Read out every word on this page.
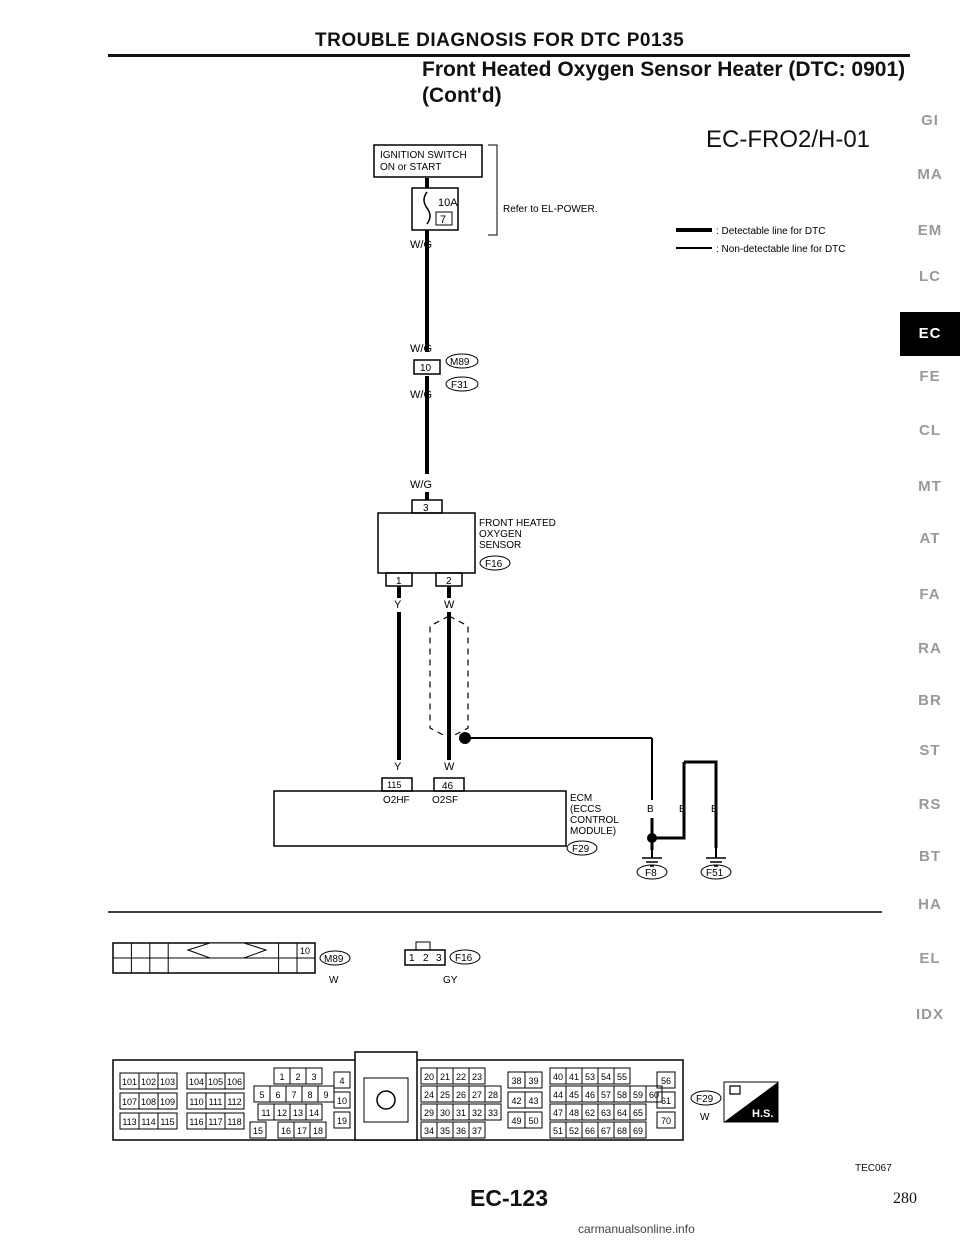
TROUBLE DIAGNOSIS FOR DTC P0135
Front Heated Oxygen Sensor Heater (DTC: 0901)
(Cont'd)
EC-FRO2/H-01
GI
MA
EM
LC
EC
FE
CL
MT
AT
FA
RA
BR
ST
RS
BT
HA
EL
IDX
: Detectable line for DTC
: Non-detectable line for DTC
IGNITION SWITCH
ON or START
Refer to EL-POWER.
10A
7
W/G
W/G
10
M89
F31
W/G
W/G
3
FRONT HEATED
OXYGEN
SENSOR
F16
1	2
Y	W
Y	W
115	46
O2HF O2SF	ECM
(ECCS
CONTROL
MODULE)
F29
B	B	B
F8	F51
10
M89
W
1 2 3 F16
GY
101 102 103
107 108 109
113 114 115
104 105 106
110 111 112
116 117 118
1 2 3
5 6 7 8 9
11 12 13 14
15 16 17 18
4
10
19
20 21 22 23
24 25 26 27 28
29 30 31 32 33
34 35 36 37
38 39
42 43
49 50
40 41 53 54 55
44 45 46 57 58 59 60
47 48 62 63 64 65
51 52 66 67 68 69
56
61
70
F29
W	H.S.
TEC067
EC-123	280
carmanualsonline.info
